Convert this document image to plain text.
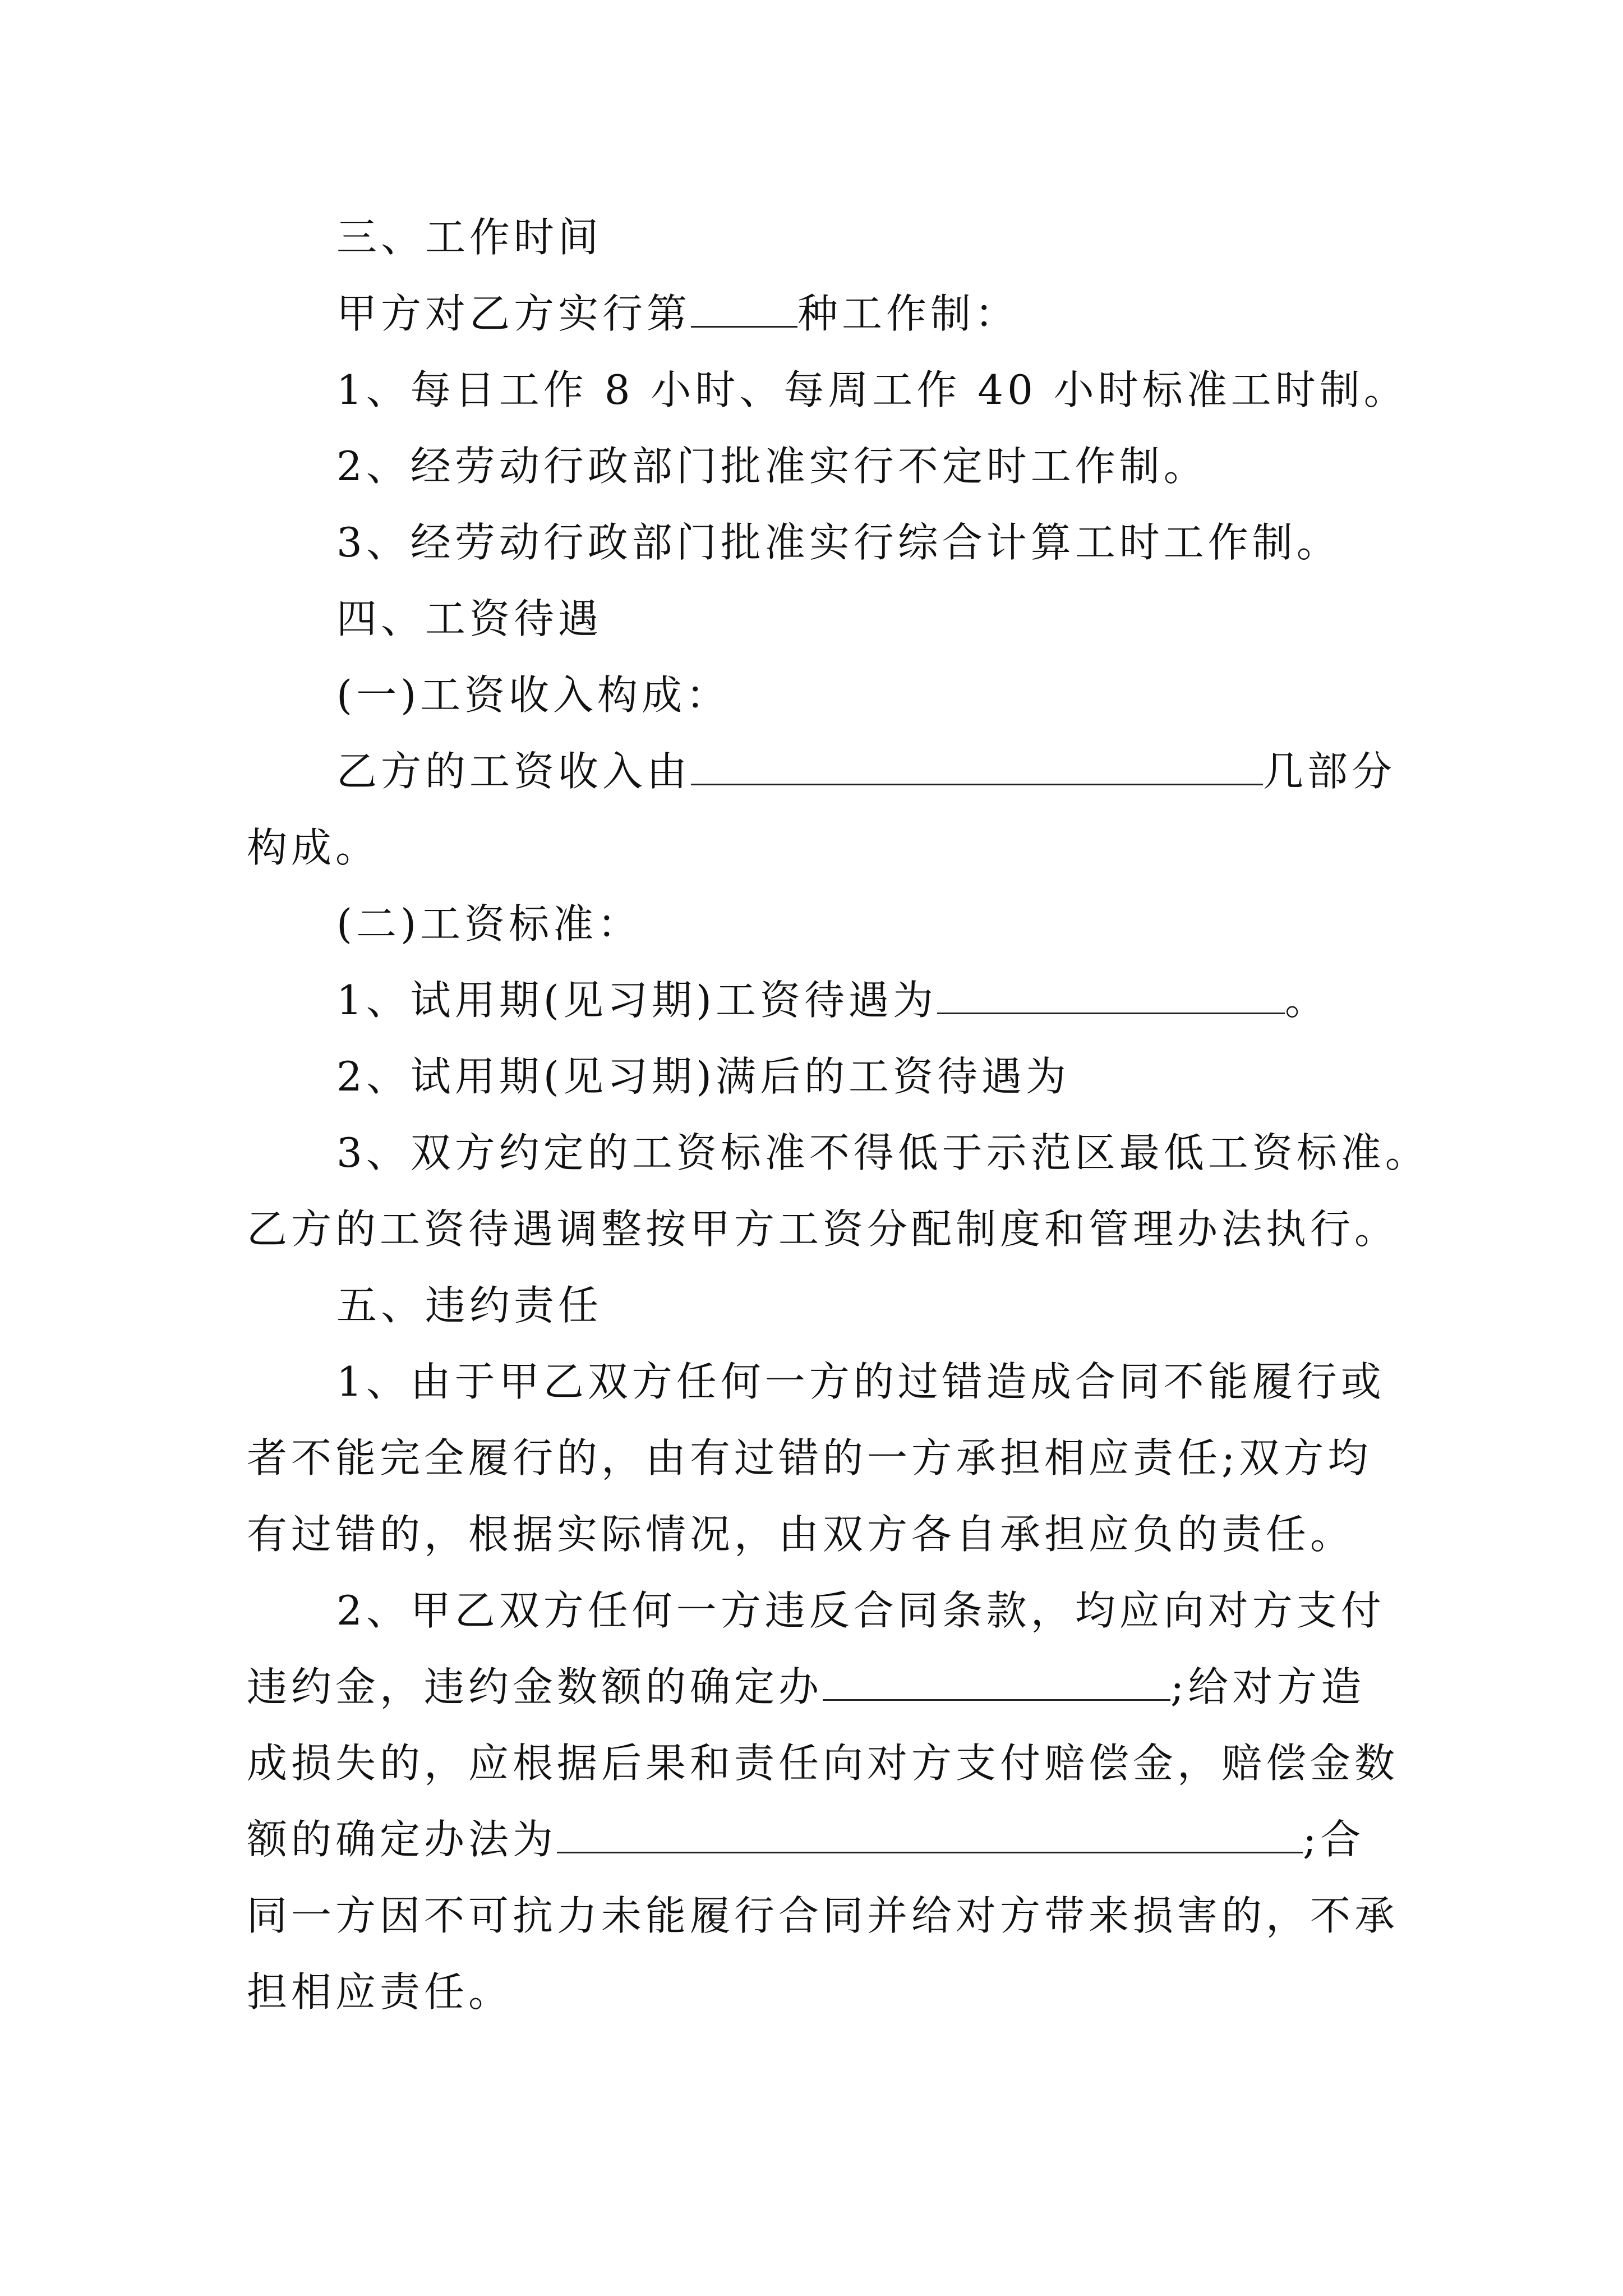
三、工作时间
甲方对乙方实行第	种工作制：
1、每日工作 8 小时、每周工作 40 小时标准工时制。
2、经劳动行政部门批准实行不定时工作制。
3、经劳动行政部门批准实行综合计算工时工作制。
四、工资待遇
(一)工资收入构成：
乙方的工资收入由	几部分
构成。
(二)工资标准：
1、试用期(见习期)工资待遇为	。
2、试用期(见习期)满后的工资待遇为
3、双方约定的工资标准不得低于示范区最低工资标准。
乙方的工资待遇调整按甲方工资分配制度和管理办法执行。
五、违约责任
1、由于甲乙双方任何一方的过错造成合同不能履行或
者不能完全履行的，由有过错的一方承担相应责任;双方均
有过错的，根据实际情况，由双方各自承担应负的责任。
2、甲乙双方任何一方违反合同条款，均应向对方支付
违约金，违约金数额的确定办	;给对方造
成损失的，应根据后果和责任向对方支付赔偿金，赔偿金数
额的确定办法为	;合
同一方因不可抗力未能履行合同并给对方带来损害的，不承
担相应责任。
